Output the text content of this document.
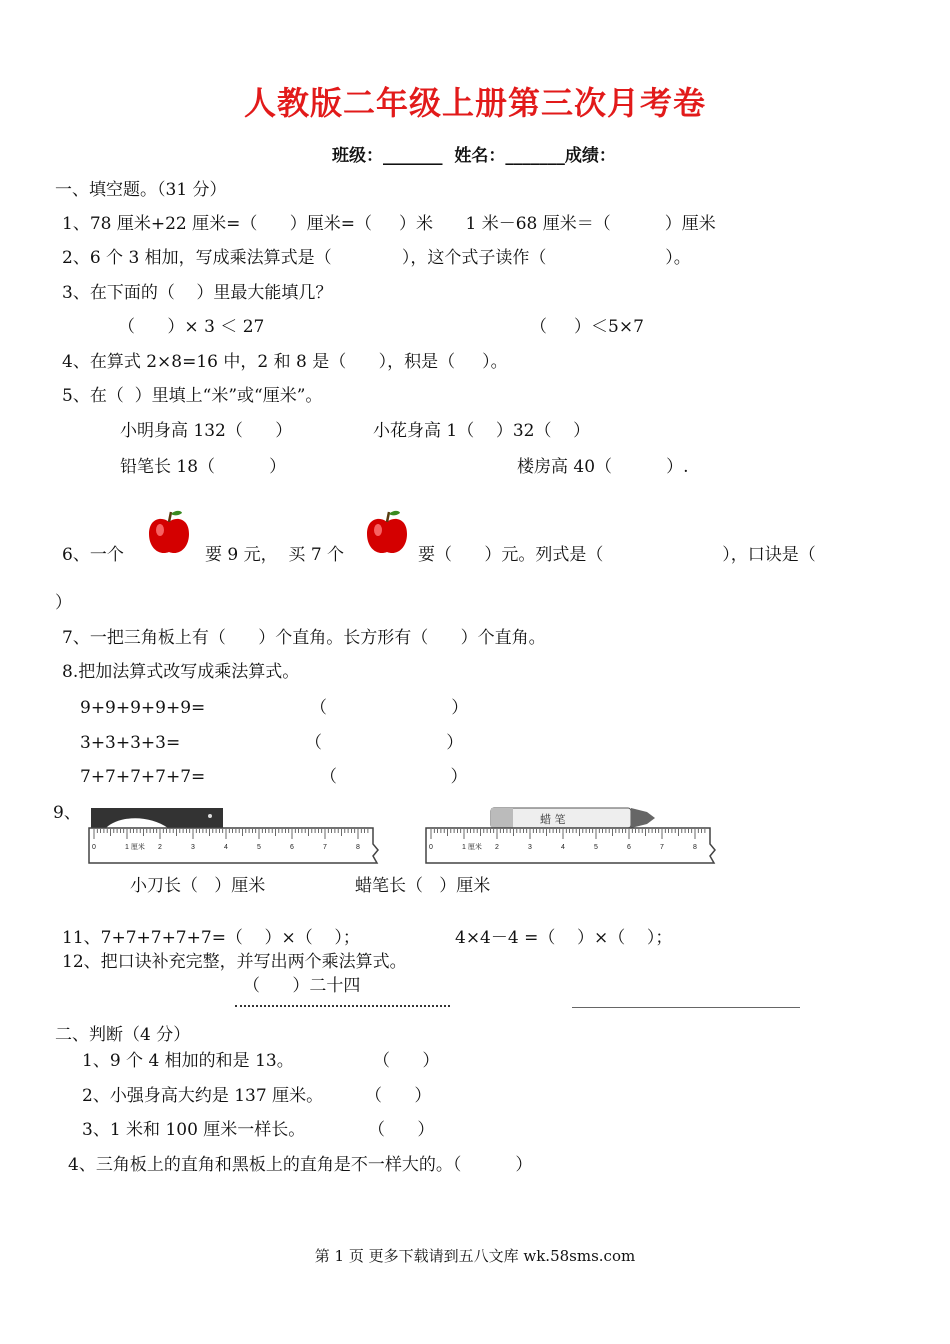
人教版二年级上册第三次月考卷
班级：_______  姓名：_______成绩：
一、填空题。（31 分）
1、78 厘米+22 厘米=（      ）厘米=（     ）米      1 米－68 厘米＝（          ）厘米
2、6 个 3 相加，写成乘法算式是（             ），这个式子读作（                      ）。
3、在下面的（    ）里最大能填几？
（      ）× 3 ＜ 27	（     ）＜5×7
4、在算式 2×8=16 中，2 和 8 是（      ），积是（     ）。
5、在（  ）里填上“米”或“厘米”。
小明身高 132（      ）	小花身高 1（    ）32（    ）
铅笔长 18（          ）	楼房高 40（          ）.
6、一个	要 9 元，  买 7 个	要（      ）元。列式是（                      ），口诀是（
）
7、一把三角板上有（      ）个直角。长方形有（      ）个直角。
8.把加法算式改写成乘法算式。
9+9+9+9+9=	（                       ）
3+3+3+3=	（                       ）
7+7+7+7+7=	（                     ）
9、
0	1 厘米 2	3	4	5	6	7	8
蜡 笔
0	1 厘米 2	3	4	5	6	7	8
小刀长（   ）厘米	蜡笔长（   ）厘米
11、7+7+7+7+7=（    ）×（    ）；	4×4－4 =（    ）×（    ）；
12、把口诀补充完整，并写出两个乘法算式。
（      ）二十四
二、判断（4 分）
1、9 个 4 相加的和是 13。	（      ）
2、小强身高大约是 137 厘米。 （      ）
3、1 米和 100 厘米一样长。	（      ）
4、三角板上的直角和黑板上的直角是不一样大的。（          ）
第 1 页 更多下载请到五八文库 wk.58sms.com
